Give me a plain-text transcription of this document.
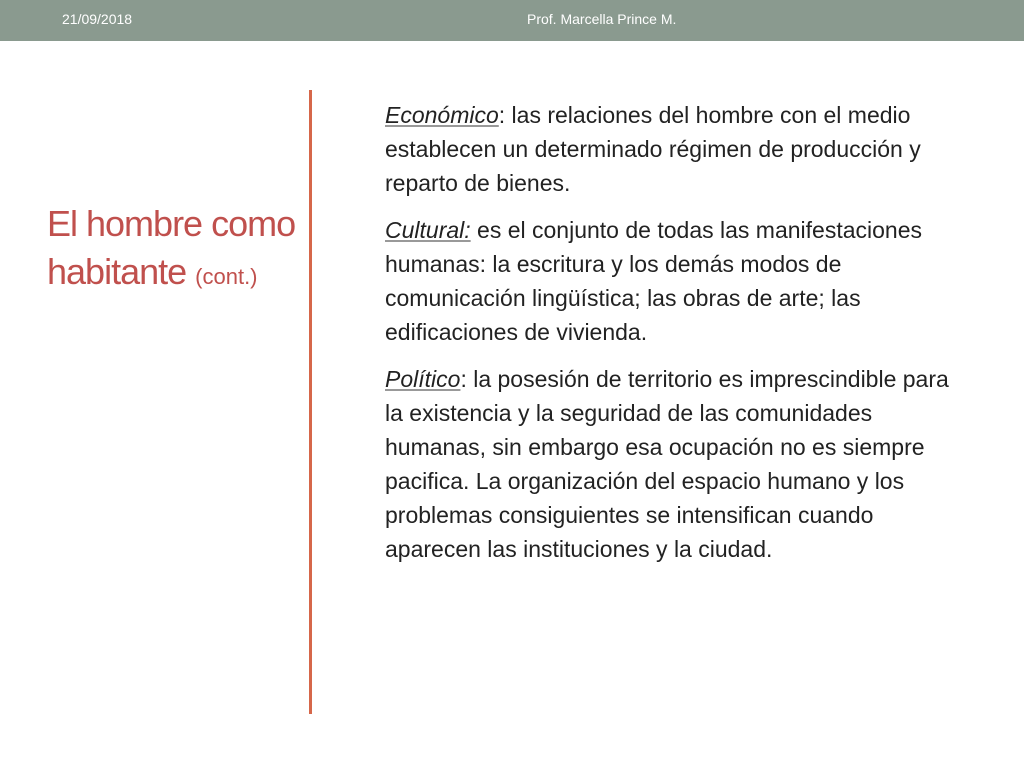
21/09/2018	Prof. Marcella Prince M.
El hombre como habitante (cont.)

Económico: las relaciones del hombre con el medio establecen un determinado régimen de producción y reparto de bienes.

Cultural: es el conjunto de todas las manifestaciones humanas: la escritura y los demás modos de comunicación lingüística; las obras de arte; las edificaciones de vivienda.

Político: la posesión de territorio es imprescindible para la existencia y la seguridad de las comunidades humanas, sin embargo esa ocupación no es siempre pacifica. La organización del espacio humano y los problemas consiguientes se intensifican cuando aparecen las instituciones y la ciudad.
